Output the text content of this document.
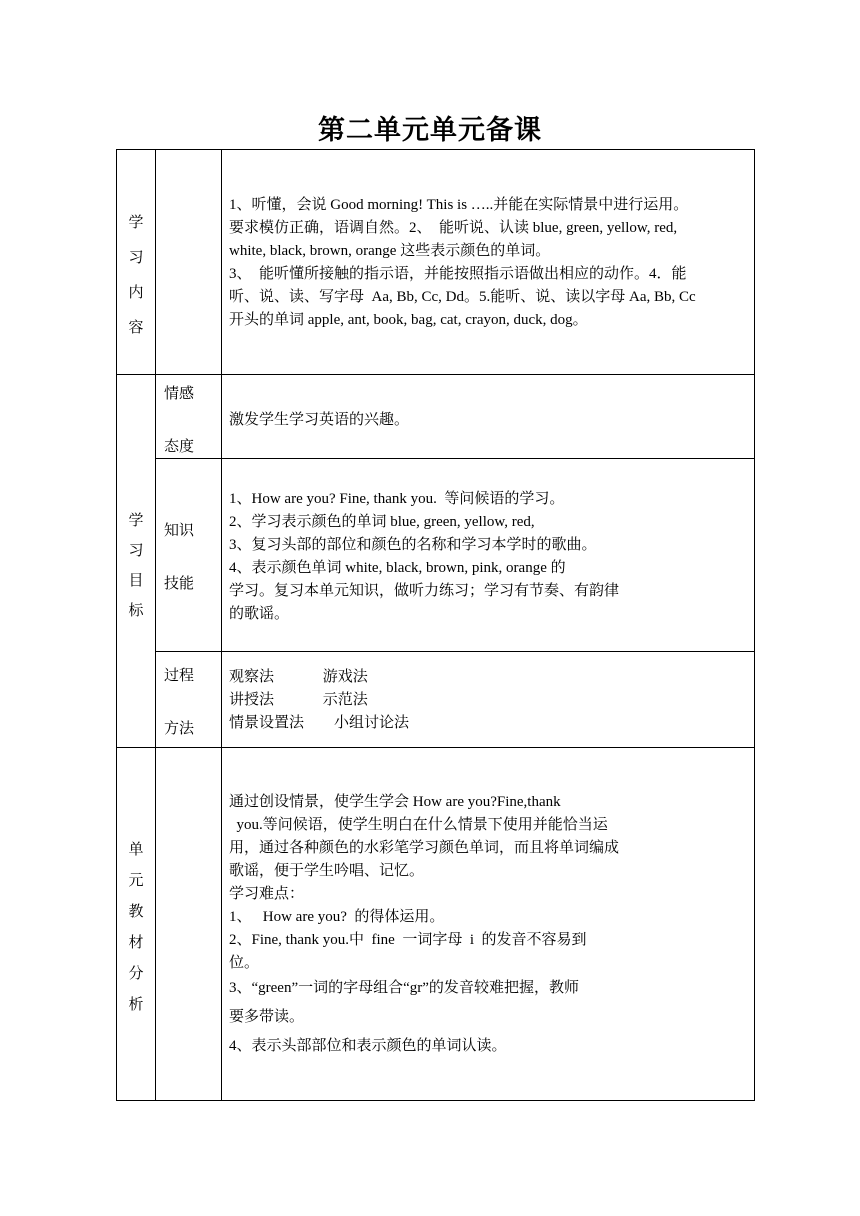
第二单元单元备课
学
习
内
容
1、听懂，会说 Good morning! This is …..并能在实际情景中进行运用。
要求模仿正确，语调自然。2、  能听说、认读 blue, green, yellow, red,
white, black, brown, orange 这些表示颜色的单词。
3、  能听懂所接触的指示语，并能按照指示语做出相应的动作。4．能
听、说、读、写字母  Aa, Bb, Cc, Dd。5.能听、说、读以字母 Aa, Bb, Cc
开头的单词 apple, ant, book, bag, cat, crayon, duck, dog。
学
习
目
标
情感
态度
激发学生学习英语的兴趣。
知识
技能
1、How are you? Fine, thank you.  等问候语的学习。
2、学习表示颜色的单词 blue, green, yellow, red,
3、复习头部的部位和颜色的名称和学习本学时的歌曲。
4、表示颜色单词 white, black, brown, pink, orange 的
学习。复习本单元知识，做听力练习；学习有节奏、有韵律
的歌谣。
过程
方法
观察法             游戏法
讲授法             示范法
情景设置法        小组讨论法
单
元
教
材
分
析
通过创设情景，使学生学会 How are you?Fine,thank
you.等问候语，使学生明白在什么情景下使用并能恰当运
用，通过各种颜色的水彩笔学习颜色单词，而且将单词编成
歌谣，便于学生吟唱、记忆。
学习难点：
1、   How are you?  的得体运用。
2、Fine, thank you.中  fine  一词字母  i  的发音不容易到
位。
3、“green”一词的字母组合“gr”的发音较难把握，教师
要多带读。
4、表示头部部位和表示颜色的单词认读。
